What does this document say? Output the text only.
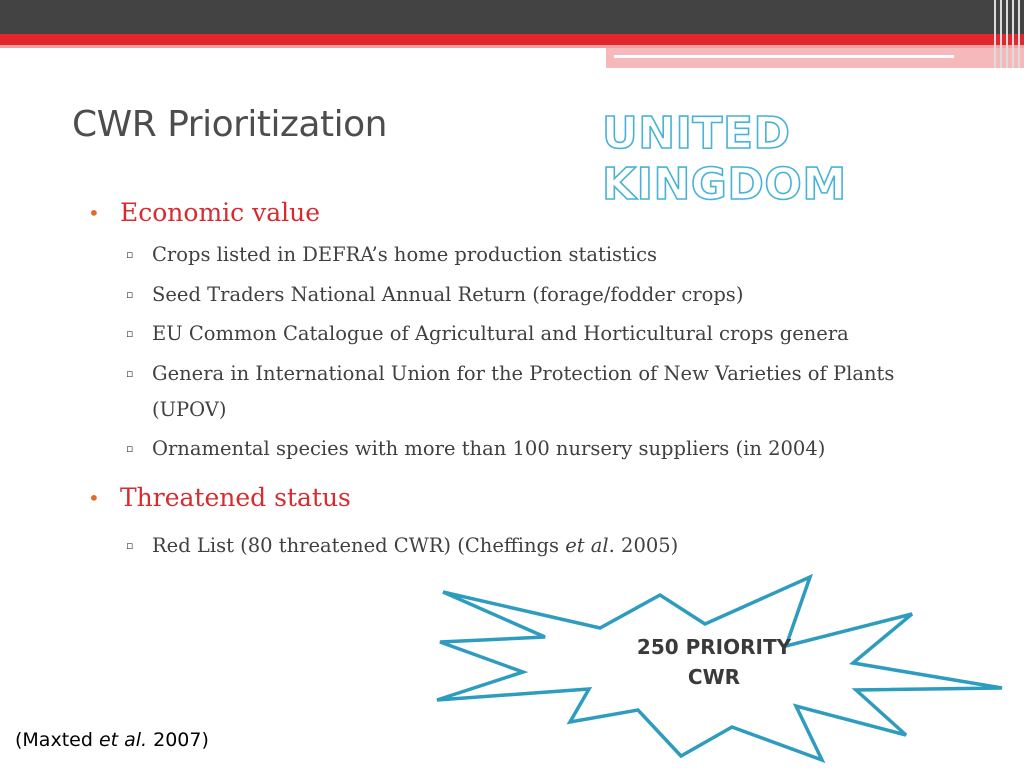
CWR Prioritization	UNITED KINGDOM
• Economic value
▫ Crops listed in DEFRA’s home production statistics
▫ Seed Traders National Annual Return (forage/fodder crops)
▫ EU Common Catalogue of Agricultural and Horticultural crops genera
▫ Genera in International Union for the Protection of New Varieties of Plants
(UPOV)
▫ Ornamental species with more than 100 nursery suppliers (in 2004)
• Threatened status
▫ Red List (80 threatened CWR) (Cheffings et al. 2005)
250 PRIORITY
CWR
(Maxted et al. 2007)
